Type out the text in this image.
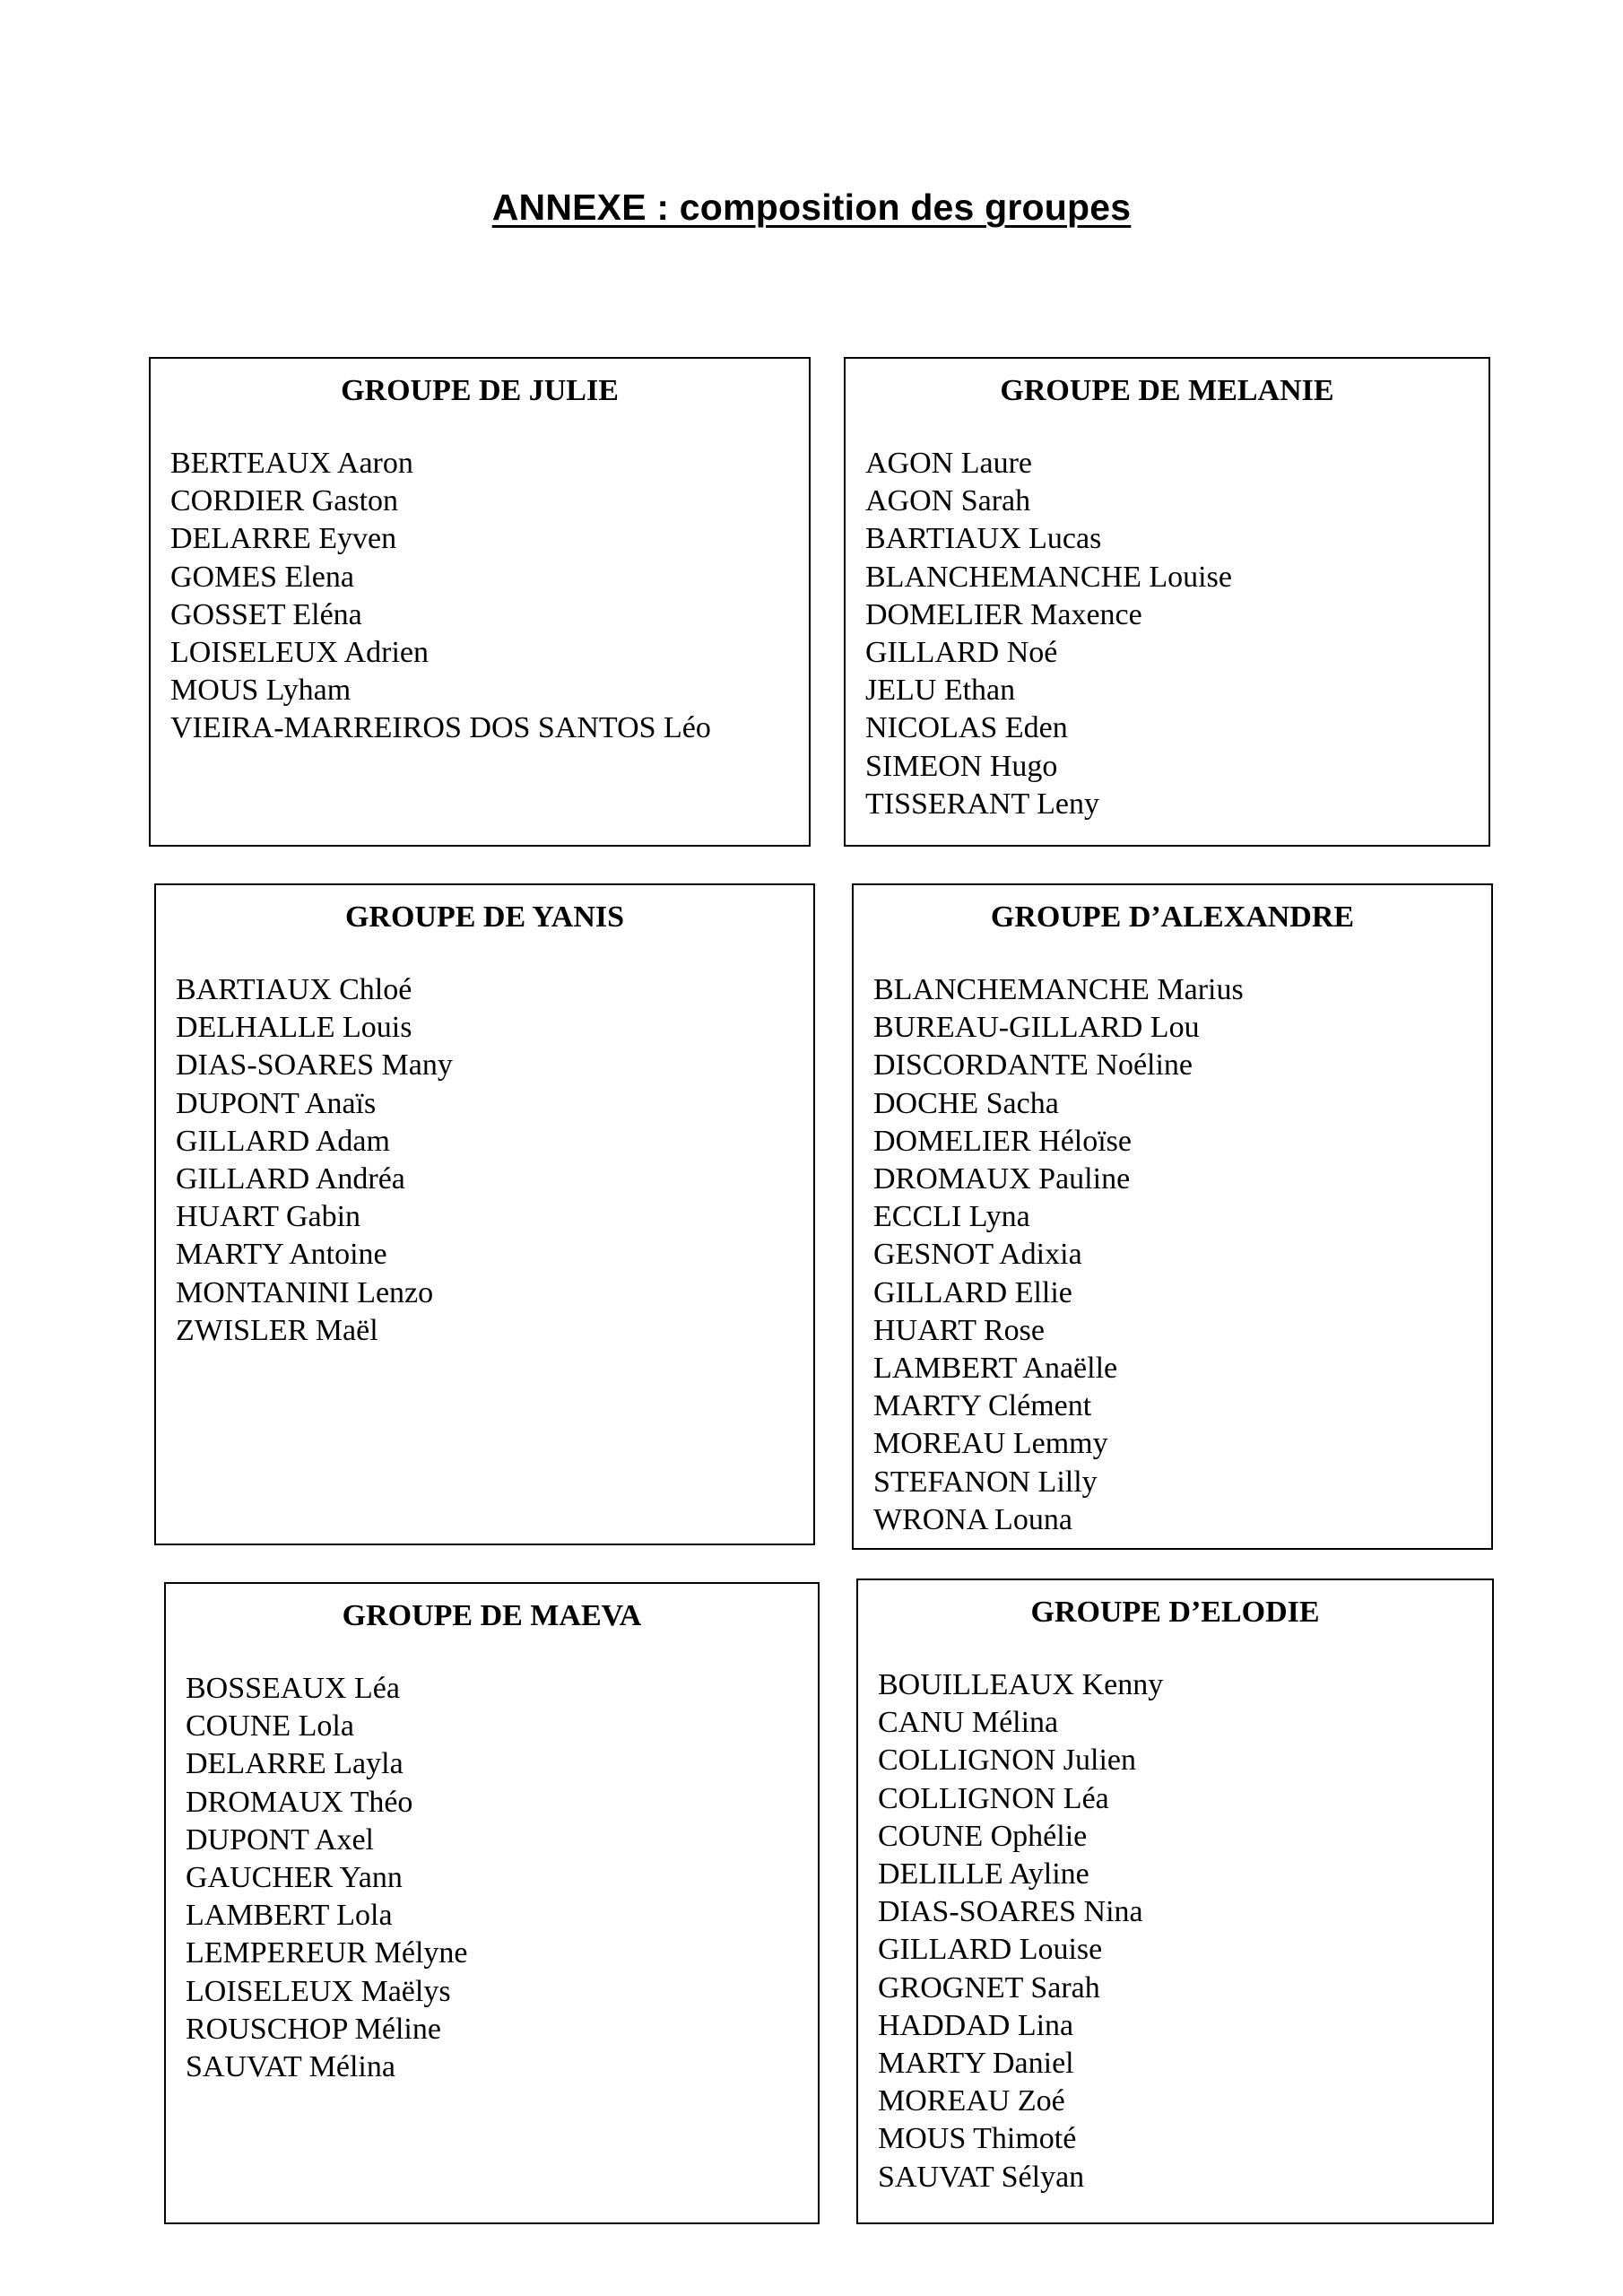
ANNEXE : composition des groupes
GROUPE DE JULIE
BERTEAUX Aaron
CORDIER Gaston
DELARRE Eyven
GOMES Elena
GOSSET Eléna
LOISELEUX Adrien
MOUS Lyham
VIEIRA-MARREIROS DOS SANTOS Léo
GROUPE DE MELANIE
AGON Laure
AGON Sarah
BARTIAUX Lucas
BLANCHEMANCHE Louise
DOMELIER Maxence
GILLARD Noé
JELU Ethan
NICOLAS Eden
SIMEON Hugo
TISSERANT Leny
GROUPE DE YANIS
BARTIAUX Chloé
DELHALLE Louis
DIAS-SOARES Many
DUPONT Anaïs
GILLARD Adam
GILLARD Andréa
HUART Gabin
MARTY Antoine
MONTANINI Lenzo
ZWISLER Maël
GROUPE D’ALEXANDRE
BLANCHEMANCHE Marius
BUREAU-GILLARD Lou
DISCORDANTE Noéline
DOCHE Sacha
DOMELIER Héloïse
DROMAUX Pauline
ECCLI Lyna
GESNOT Adixia
GILLARD Ellie
HUART Rose
LAMBERT Anaëlle
MARTY Clément
MOREAU Lemmy
STEFANON Lilly
WRONA Louna
GROUPE DE MAEVA
BOSSEAUX Léa
COUNE Lola
DELARRE Layla
DROMAUX Théo
DUPONT Axel
GAUCHER Yann
LAMBERT Lola
LEMPEREUR Mélyne
LOISELEUX Maëlys
ROUSCHOP Méline
SAUVAT Mélina
GROUPE D’ELODIE
BOUILLEAUX Kenny
CANU Mélina
COLLIGNON Julien
COLLIGNON Léa
COUNE Ophélie
DELILLE Ayline
DIAS-SOARES Nina
GILLARD Louise
GROGNET Sarah
HADDAD Lina
MARTY Daniel
MOREAU Zoé
MOUS Thimoté
SAUVAT Sélyan
